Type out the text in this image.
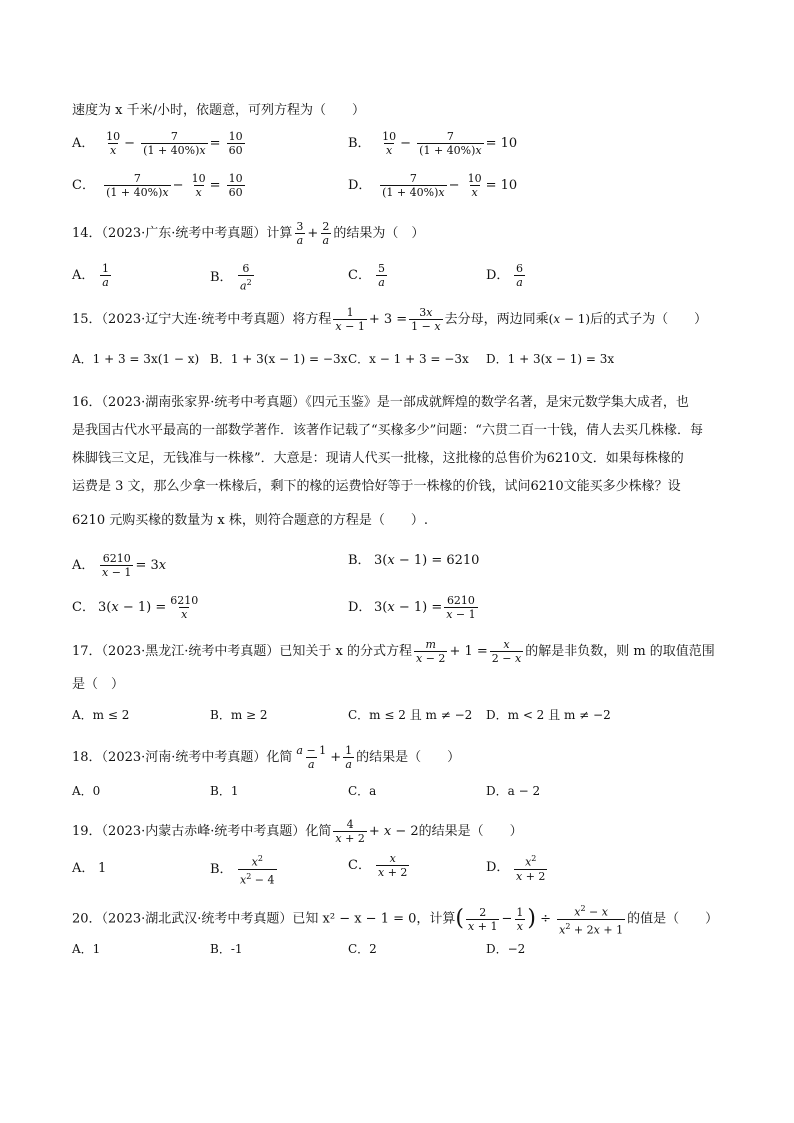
速度为 x 千米/小时，依题意，可列方程为（　　）
A． $\frac{10}{x} - \frac{7}{(1 + 40\%)x} = \frac{10}{60}$	B． $\frac{10}{x} - \frac{7}{(1 + 40\%)x} = 10$
C． $\frac{7}{(1 + 40\%)x} - \frac{10}{x} = \frac{10}{60}$	D． $\frac{7}{(1 + 40\%)x} - \frac{10}{x} = 10$
14．（2023·广东·统考中考真题）计算 $\frac{3}{a} + \frac{2}{a}$ 的结果为（　）
A． $\frac{1}{a}$	B． $\frac{6}{a^2}$	C． $\frac{5}{a}$	D． $\frac{6}{a}$
15．（2023·辽宁大连·统考中考真题）将方程 $\frac{1}{x - 1} + 3 = \frac{3x}{1 - x}$ 去分母，两边同乘(x − 1)后的式子为（　　）
A．1 + 3 = 3x(1 − x) B．1 + 3(x − 1) = −3x C．x − 1 + 3 = −3x D．1 + 3(x − 1) = 3x
16．（2023·湖南张家界·统考中考真题）《四元玉鉴》是一部成就辉煌的数学名著，是宋元数学集大成者，也
是我国古代水平最高的一部数学著作．该著作记载了“买椽多少”问题：“六贯二百一十钱，倩人去买几株椽．每
株脚钱三文足，无钱准与一株椽”．大意是：现请人代买一批椽，这批椽的总售价为6210文．如果每株椽的
运费是 3 文，那么少拿一株椽后，剩下的椽的运费恰好等于一株椽的价钱，试问6210文能买多少株椽？设
6210 元购买椽的数量为 x 株，则符合题意的方程是（　　）.
A． $\frac{6210}{x - 1} = 3x$	B． 3(x − 1) = 6210
C． $3(x - 1) = \frac{6210}{x}$	D． $3(x - 1) = \frac{6210}{x - 1}$
17．（2023·黑龙江·统考中考真题）已知关于 x 的分式方程 $\frac{m}{x - 2} + 1 = \frac{x}{2 - x}$ 的解是非负数，则 m 的取值范围
是（　）
A．m ≤ 2	B．m ≥ 2	C．m ≤ 2 且 m ≠ −2 D．m < 2 且 m ≠ −2
18．（2023·河南·统考中考真题）化简 $\frac{a - 1}{a} + \frac{1}{a}$ 的结果是（　　）
A．0	B．1	C．a	D．a − 2
19．（2023·内蒙古赤峰·统考中考真题）化简 $\frac{4}{x + 2} + x - 2$的结果是（　　）
A． 1	B． $\frac{x^2}{x^2 - 4}$	C． $\frac{x}{x + 2}$	D． $\frac{x^2}{x + 2}$
20．（2023·湖北武汉·统考中考真题）已知 x² − x − 1 = 0，计算( $\frac{2}{x + 1} - \frac{1}{x}$ ) ÷ $\frac{x^2 - x}{x^2 + 2x + 1}$ 的值是（　　）
A．1	B．-1	C．2	D．−2
